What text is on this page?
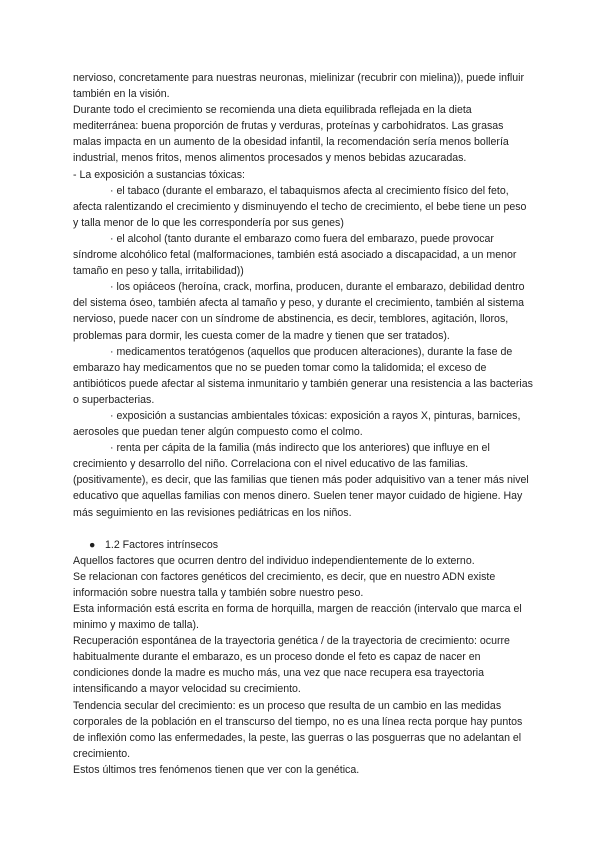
nervioso, concretamente para nuestras neuronas, mielinizar (recubrir con mielina)), puede influir también en la visión.

Durante todo el crecimiento se recomienda una dieta equilibrada reflejada en la dieta mediterránea: buena proporción de frutas y verduras, proteínas y carbohidratos. Las grasas malas impacta en un aumento de la obesidad infantil, la recomendación sería menos bollería industrial, menos fritos, menos alimentos procesados y menos bebidas azucaradas.

- La exposición a sustancias tóxicas:

· el tabaco (durante el embarazo, el tabaquismos afecta al crecimiento físico del feto, afecta ralentizando el crecimiento y disminuyendo el techo de crecimiento, el bebe tiene un peso y talla menor de lo que les correspondería por sus genes)

· el alcohol (tanto durante el embarazo como fuera del embarazo, puede provocar síndrome alcohólico fetal (malformaciones, también está asociado a discapacidad, a un menor tamaño en peso y talla, irritabilidad))

· los opiáceos (heroína, crack, morfina, producen, durante el embarazo, debilidad dentro del sistema óseo, también afecta al tamaño y peso, y durante el crecimiento, también al sistema nervioso, puede nacer con un síndrome de abstinencia, es decir, temblores, agitación, lloros, problemas para dormir, les cuesta comer de la madre y tienen que ser tratados).

· medicamentos teratógenos (aquellos que producen alteraciones), durante la fase de embarazo hay medicamentos que no se pueden tomar como la talidomida; el exceso de antibióticos puede afectar al sistema inmunitario y también generar una resistencia a las bacterias o superbacterias.

· exposición a sustancias ambientales tóxicas: exposición a rayos X, pinturas, barnices, aerosoles que puedan tener algún compuesto como el colmo.

· renta per cápita de la familia (más indirecto que los anteriores) que influye en el crecimiento y desarrollo del niño. Correlaciona con el nivel educativo de las familias.(positivamente), es decir, que las familias que tienen más poder adquisitivo van a tener más nivel educativo que aquellas familias con menos dinero. Suelen tener mayor cuidado de higiene. Hay más seguimiento en las revisiones pediátricas en los niños.

● 1.2 Factores intrínsecos

Aquellos factores que ocurren dentro del individuo independientemente de lo externo.

Se relacionan con factores genéticos del crecimiento, es decir, que en nuestro ADN existe información sobre nuestra talla y también sobre nuestro peso.

Esta información está escrita en forma de horquilla, margen de reacción (intervalo que marca el minimo y maximo de talla).

Recuperación espontánea de la trayectoria genética / de la trayectoria de crecimiento: ocurre habitualmente durante el embarazo, es un proceso donde el feto es capaz de nacer en condiciones donde la madre es mucho más, una vez que nace recupera esa trayectoria intensificando a mayor velocidad su crecimiento.

Tendencia secular del crecimiento: es un proceso que resulta de un cambio en las medidas corporales de la población en el transcurso del tiempo, no es una línea recta porque hay puntos de inflexión como las enfermedades, la peste, las guerras o las posguerras que no adelantan el crecimiento.

Estos últimos tres fenómenos tienen que ver con la genética.
